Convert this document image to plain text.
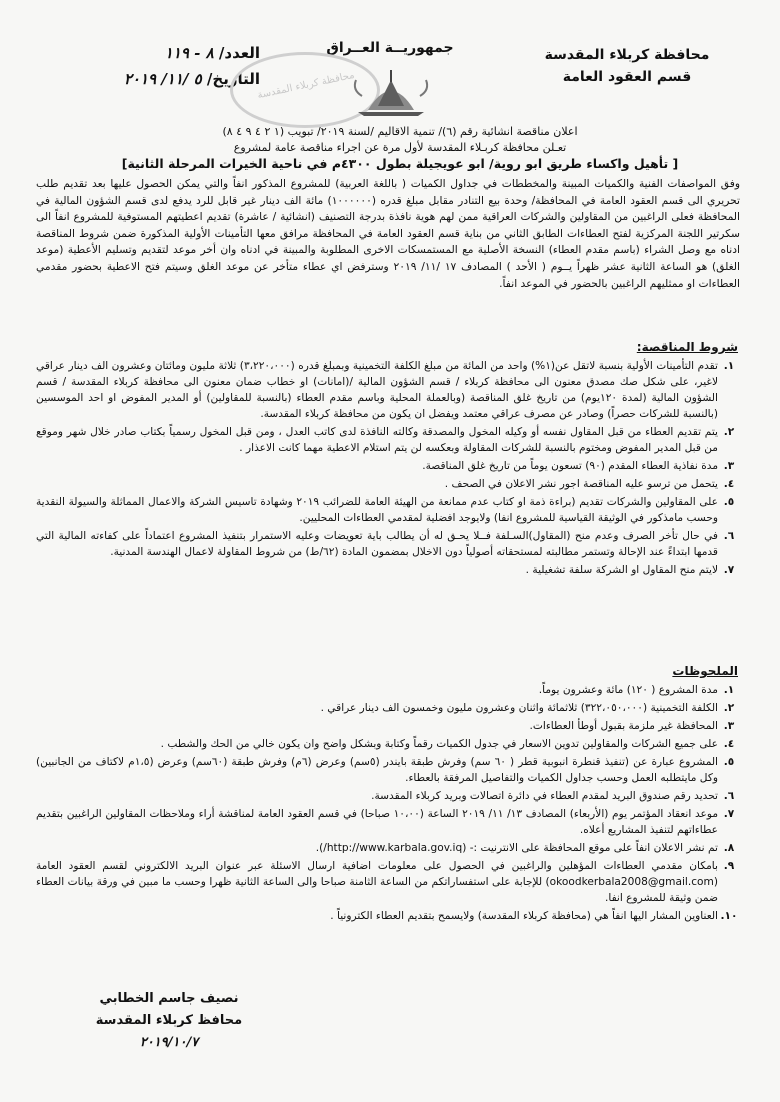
محافظة كربلاء المقدسة
قسم العقود العامة
جمهوريــة العــراق
العدد/ ٨ - ١١٩
التاريخ/ ٥ /١١/ ٢٠١٩	محافظة كربلاء المقدسة
اعلان مناقصة انشائية رقم (٦)/ تنمية الاقاليم /لسنة ٢٠١٩/ تبويب (١ ٢ ٤ ٩ ٤ ٨)
تعـلن محافظة كربـلاء المقدسة لأول مرة عن اجراء مناقصة عامة لمشروع
[ تأهيل واكساء طريق ابو روية/ ابو عويجيلة بطول ٤٣٠٠م في ناحية الخيرات المرحلة الثانية]
وفق المواصفات الفنية والكميات المبينة والمخططات في جداول الكميات ( باللغة العربية) للمشروع المذكور انفاً والتي يمكن الحصول عليها بعد تقديم طلب تحريري الى قسم العقود العامة في المحافظة/ وحدة بيع التنادر مقابل مبلغ قدره (١٠٠٠٠٠٠) مائة الف دينار غير قابل للرد يدفع لدى قسم الشؤون المالية في المحافظة فعلى الراغبين من المقاولين والشركات العراقية ممن لهم هوية نافذة بدرجة التصنيف (انشائية / عاشرة) تقديم اعطيتهم المستوفية للمشروع انفاً الى سكرتير اللجنة المركزية لفتح العطاءات الطابق الثاني من بناية قسم العقود العامة في المحافظة مرافق معها التأمينات الأولية المذكورة ضمن شروط المناقصة ادناه مع وصل الشراء (باسم مقدم العطاء) النسخة الأصلية مع المستمسكات الاخرى المطلوبة والمبينة في ادناه وان أخر موعد لتقديم وتسليم الأعطية (موعد الغلق) هو الساعة الثانية عشر ظهراً يــوم ( الأحد ) المصادف ١٧ /١١/ ٢٠١٩ وسترفض اي عطاء متأخر عن موعد الغلق وسيتم فتح الاعطية بحضور مقدمي العطاءات او ممثليهم الراغبين بالحضور في الموعد انفاً.
شروط المناقصة:
١.
تقدم التأمينات الأولية بنسبة لاتقل عن(١%) واحد من المائة من مبلغ الكلفة التخمينية وبمبلغ قدره (٣،٢٢٠،٠٠٠) ثلاثة مليون ومائتان وعشرون الف دينار عراقي لاغير، على شكل صك مصدق معنون الى محافظة كربلاء / قسم الشؤون المالية /(امانات) او خطاب ضمان معنون الى محافظة كربلاء المقدسة / قسم الشؤون المالية (لمدة ١٢٠يوم) من تاريخ غلق المناقصة (وبالعملة المحلية وباسم مقدم العطاء (بالنسبة للمقاولين) أو المدير المفوض او احد الموسسين (بالنسبة للشركات حصراً) وصادر عن مصرف عراقي معتمد ويفضل ان يكون من محافظة كربلاء المقدسة.
٢.
يتم تقديم العطاء من قبل المقاول نفسه أو وكيله المخول والمصدقة وكالته النافذة لدى كاتب العدل ، ومن قبل المخول رسمياً بكتاب صادر خلال شهر وموقع من قبل المدير المفوض ومختوم بالنسبة للشركات المقاولة وبعكسه لن يتم استلام الاعطية مهما كانت الاعذار .
٣.
مدة نفاذية العطاء المقدم (٩٠) تسعون يوماً من تاريخ غلق المناقصة.
٤.
يتحمل من ترسو عليه المناقصة اجور نشر الاعلان في الصحف .
٥.
على المقاولين والشركات تقديم (براءة ذمة او كتاب عدم ممانعة من الهيئة العامة للضرائب ٢٠١٩ وشهادة تاسيس الشركة والاعمال المماثلة والسيولة النقدية وحسب مامذكور في الوثيقة القياسية للمشروع انفا) ولايوجد افضلية لمقدمي العطاءات المحليين.
٦.
في حال تأخر الصرف وعدم منح (المقاول)السـلفة فــلا يحـق له أن يطالب باية تعويضات وعليه الاستمرار بتنفيذ المشروع اعتماداً على كفاءته المالية التي قدمها ابتداءً عند الإحالة وتستمر مطالبته لمستحقاته أصولياً دون الاخلال بمضمون المادة (٦٢/ط) من شروط المقاولة لاعمال الهندسة المدنية.
٧.
لايتم منح المقاول او الشركة سلفة تشغيلية .
الملحوظات
١.
مدة المشروع ( ١٢٠) مائة وعشرون يوماً.
٢.
الكلفة التخمينية (٣٢٢،٠٥٠،٠٠٠) ثلاثمائة واثنان وعشرون مليون وخمسون الف دينار عراقي .
٣.
المحافظة غير ملزمة بقبول أوطأ العطاءات.
٤.
على جميع الشركات والمقاولين تدوين الاسعار في جدول الكميات رقماً وكتابة وبشكل واضح وان يكون خالي من الحك والشطب .
٥.
المشروع عبارة عن (تنفيذ قنطرة انبوبية قطر ( ٦٠ سم) وفرش طبقة بايندر (٥سم) وعرض (٦م) وفرش طبقة (٦٠سم) وعرض (١،٥م لاكتاف من الجانبين) وكل مايتطلبه العمل وحسب جداول الكميات والتفاصيل المرفقة بالعطاء.
٦.
تحديد رقم صندوق البريد لمقدم العطاء في دائرة اتصالات وبريد كربلاء المقدسة.
٧.
موعد انعقاد المؤتمر يوم (الأربعاء) المصادف ١٣/ ١١/ ٢٠١٩ الساعة (١٠،٠٠ صباحا) في قسم العقود العامة لمناقشة أراء وملاحظات المقاولين الراغبين بتقديم عطاءاتهم لتنفيذ المشاريع أعلاه.
٨.
تم نشر الاعلان انفاً على موقع المحافظة على الانترنيت :- (http://www.karbala.gov.iq/).
٩.
بامكان مقدمي العطاءات المؤهلين والراغبين في الحصول على معلومات اضافية ارسال الاسئلة عبر عنوان البريد الالكتروني لقسم العقود العامة (okoodkerbala2008@gmail.com) للإجابة على استفساراتكم من الساعة الثامنة صباحا والى الساعة الثانية ظهرا وحسب ما مبين في ورقة بيانات العطاء ضمن وثيقة للمشروع انفا.
١٠.
العناوين المشار اليها انفاً هي (محافظة كربلاء المقدسة) ولايسمح بتقديم العطاء الكترونياً .
نصيف جاسم الخطابي
محافظ كربلاء المقدسة
٢٠١٩/١٠/٧
